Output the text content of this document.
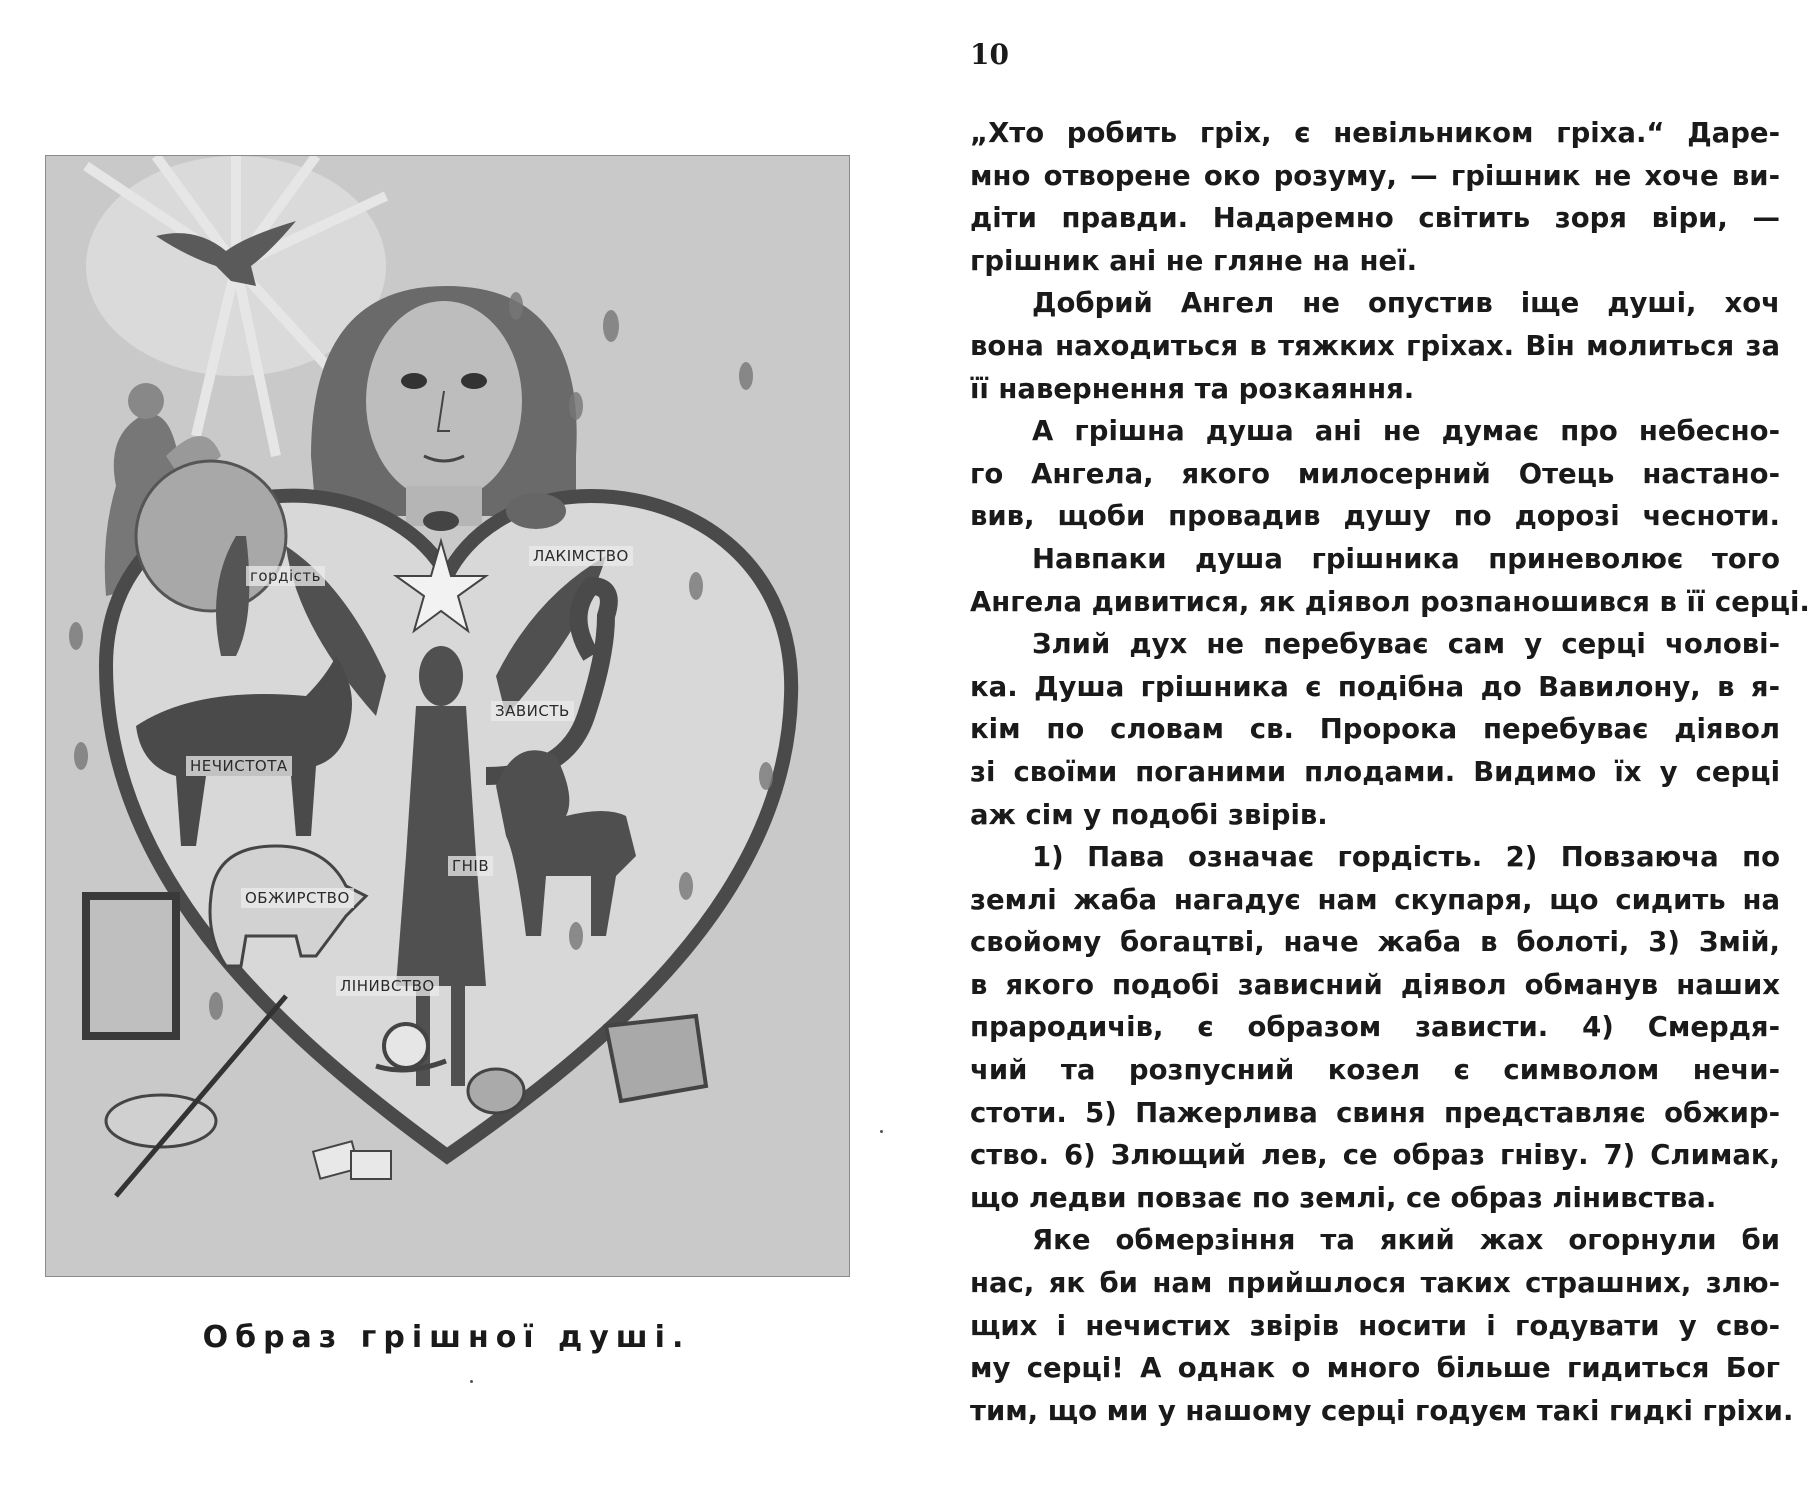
гордість
ЛАКІМСТВО
ЗАВИСТЬ
НЕЧИСТОТА
ГНІВ
ОБЖИРСТВО
ЛІНИВСТВО
Образ грішної душі.
10
„Хто робить гріх, є невільником гріха.“ Даре-
мно отворене око розуму, — грішник не хоче ви-
діти правди. Надаремно світить зоря віри, —
грішник ані не гляне на неї.
Добрий Ангел не опустив іще душі, хоч
вона находиться в тяжких гріхах. Він молиться за
її навернення та розкаяння.
А грішна душа ані не думає про небесно-
го Ангела, якого милосерний Отець настано-
вив, щоби провадив душу по дорозі чесноти.
Навпаки душа грішника приневолює того
Ангела дивитися, як діявол розпаношився в її серці.
Злий дух не перебуває сам у серці чолові-
ка. Душа грішника є подібна до Вавилону, в я-
кім по словам св. Пророка перебуває діявол
зі своїми поганими плодами. Видимо їх у серці
аж сім у подобі звірів.
1) Пава означає гордість. 2) Повзаюча по
землі жаба нагадує нам скупаря, що сидить на
свойому богацтві, наче жаба в болоті, 3) Змій,
в якого подобі зависний діявол обманув наших
прародичів, є образом зависти. 4) Смердя-
чий та розпусний козел є символом нечи-
стоти. 5) Пажерлива свиня представляє обжир-
ство. 6) Злющий лев, се образ гніву. 7) Слимак,
що ледви повзає по землі, се образ лінивства.
Яке обмерзіння та який жах огорнули би
нас, як би нам прийшлося таких страшних, злю-
щих і нечистих звірів носити і годувати у сво-
му серці! А однак о много більше гидиться Бог
тим, що ми у нашому серці годуєм такі гидкі гріхи.
